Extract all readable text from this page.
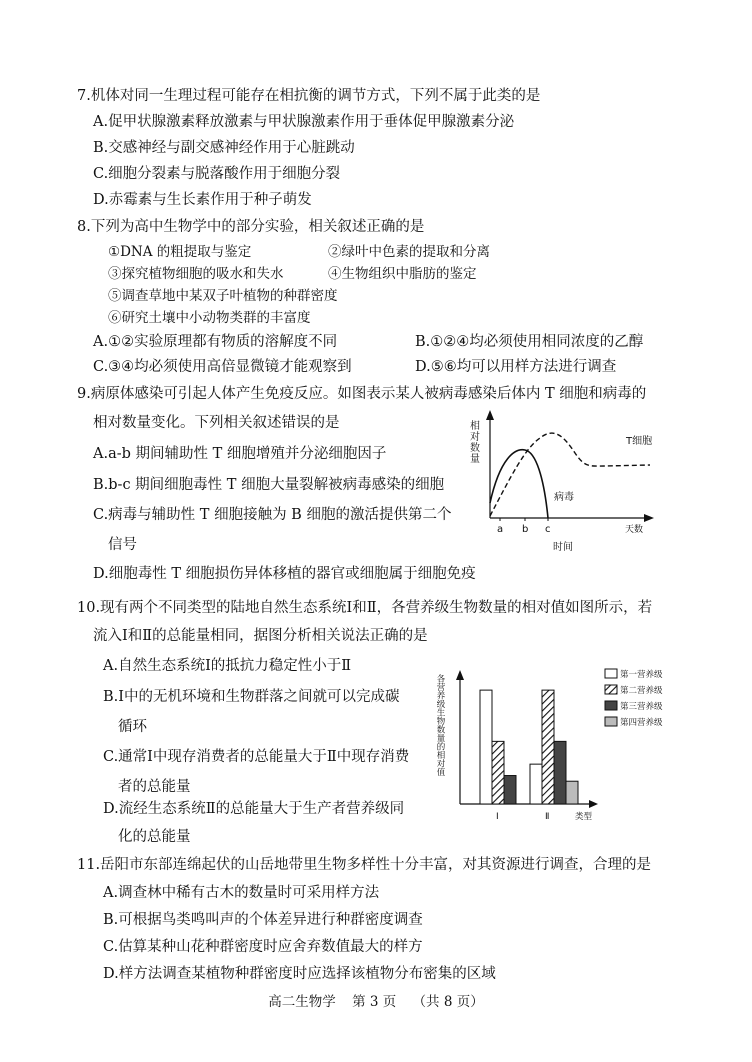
7.机体对同一生理过程可能存在相抗衡的调节方式，下列不属于此类的是
A.促甲状腺激素释放激素与甲状腺激素作用于垂体促甲腺激素分泌
B.交感神经与副交感神经作用于心脏跳动
C.细胞分裂素与脱落酸作用于细胞分裂
D.赤霉素与生长素作用于种子萌发
8.下列为高中生物学中的部分实验，相关叙述正确的是
①DNA 的粗提取与鉴定	②绿叶中色素的提取和分离
③探究植物细胞的吸水和失水	④生物组织中脂肪的鉴定
⑤调查草地中某双子叶植物的种群密度
⑥研究土壤中小动物类群的丰富度
A.①②实验原理都有物质的溶解度不同	B.①②④均必须使用相同浓度的乙醇
C.③④均必须使用高倍显微镜才能观察到	D.⑤⑥均可以用样方法进行调查
9.病原体感染可引起人体产生免疫反应。如图表示某人被病毒感染后体内 T 细胞和病毒的
相对数量变化。下列相关叙述错误的是
A.a-b 期间辅助性 T 细胞增殖并分泌细胞因子
B.b-c 期间细胞毒性 T 细胞大量裂解被病毒感染的细胞
C.病毒与辅助性 T 细胞接触为 B 细胞的激活提供第二个
信号
D.细胞毒性 T 细胞损伤异体移植的器官或细胞属于细胞免疫
相对数量	T细胞
病毒
a b c	天数
时间
10.现有两个不同类型的陆地自然生态系统Ⅰ和Ⅱ，各营养级生物数量的相对值如图所示，若
流入Ⅰ和Ⅱ的总能量相同，据图分析相关说法正确的是
A.自然生态系统Ⅰ的抵抗力稳定性小于Ⅱ
B.Ⅰ中的无机环境和生物群落之间就可以完成碳
循环
C.通常Ⅰ中现存消费者的总能量大于Ⅱ中现存消费
者的总能量
D.流经生态系统Ⅱ的总能量大于生产者营养级同
化的总能量
各营养级生物数量的相对值
Ⅰ	Ⅱ	类型
第一营养级
第二营养级
第三营养级
第四营养级
11.岳阳市东部连绵起伏的山岳地带里生物多样性十分丰富，对其资源进行调查，合理的是
A.调查林中稀有古木的数量时可采用样方法
B.可根据鸟类鸣叫声的个体差异进行种群密度调查
C.估算某种山花种群密度时应舍弃数值最大的样方
D.样方法调查某植物种群密度时应选择该植物分布密集的区域
高二生物学 第 3 页 （共 8 页）
